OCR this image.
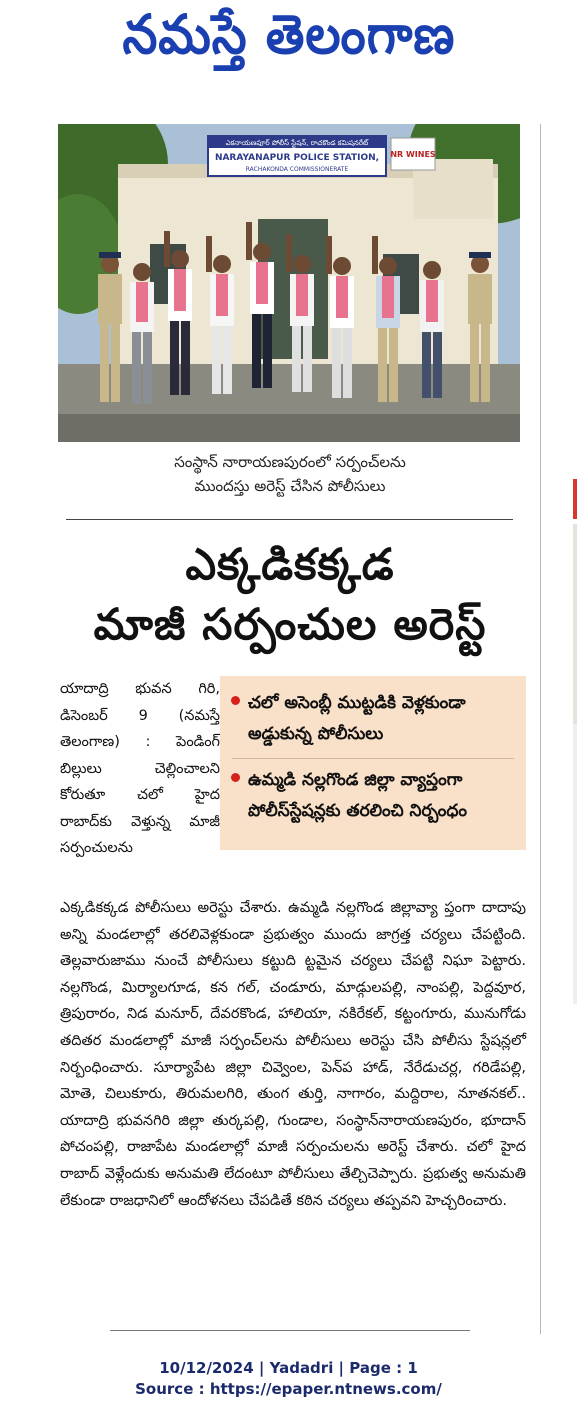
నమస్తే తెలంగాణ
ఎకనాయణపూర్ పోలీస్ స్టేషన్, రాచకొండ కమిషనరేట్
NARAYANAPUR POLICE STATION,
RACHAKONDA COMMISSIONERATE
NR WINES
సంస్థాన్ నారాయణపురంలో సర్పంచ్‌లను
ముందస్తు అరెస్ట్ చేసిన పోలీసులు
ఎక్కడికక్కడ
మాజీ సర్పంచుల అరెస్ట్

యాదాద్రి భువన గిరి, డిసెంబర్ 9 (నమస్తే తెలంగాణ) : పెండింగ్ బిల్లులు చెల్లించాలని కోరుతూ చలో హైద రాబాద్‌కు వెళ్తున్న మాజీ సర్పంచులను

చలో అసెంబ్లీ ముట్టడికి వెళ్లకుండా అడ్డుకున్న పోలీసులు
ఉమ్మడి నల్లగొండ జిల్లా వ్యాప్తంగా పోలీస్‌స్టేషన్లకు తరలించి నిర్బంధం

ఎక్కడికక్కడ పోలీసులు అరెస్టు చేశారు. ఉమ్మడి నల్లగొండ జిల్లావ్యా ప్తంగా దాదాపు అన్ని మండలాల్లో తరలివెళ్లకుండా ప్రభుత్వం ముందు జాగ్రత్త చర్యలు చేపట్టింది. తెల్లవారుజాము నుంచే పోలీసులు కట్టుది ట్టమైన చర్యలు చేపట్టి నిఘా పెట్టారు. నల్లగొండ, మిర్యాలగూడ, కన గల్, చండూరు, మాడ్గులపల్లి, నాంపల్లి, పెద్దవూర, త్రిపురారం, నిడ మనూర్, దేవరకొండ, హాలియా, నకిరేకల్, కట్టంగూరు, మునుగోడు తదితర మండలాల్లో మాజీ సర్పంచ్‌లను పోలీసులు అరెస్టు చేసి పోలీసు స్టేషన్లలో నిర్బంధించారు. సూర్యాపేట జిల్లా చివ్వెంల, పెన్‌ప హాడ్, నేరేడుచర్ల, గరిడేపల్లి, మోతె, చిలుకూరు, తిరుమలగిరి, తుంగ తుర్తి, నాగారం, మద్దిరాల, నూతనకల్.. యాదాద్రి భువనగిరి జిల్లా తుర్కపల్లి, గుండాల, సంస్థాన్‌నారాయణపురం, భూదాన్ పోచంపల్లి, రాజాపేట మండలాల్లో మాజీ సర్పంచులను అరెస్ట్ చేశారు. చలో హైద రాబాద్ వెళ్లేందుకు అనుమతి లేదంటూ పోలీసులు తేల్చిచెప్పారు. ప్రభుత్వ అనుమతి లేకుండా రాజధానిలో ఆందోళనలు చేపడితే కఠిన చర్యలు తప్పవని హెచ్చరించారు.

10/12/2024 | Yadadri | Page : 1
Source : https://epaper.ntnews.com/
